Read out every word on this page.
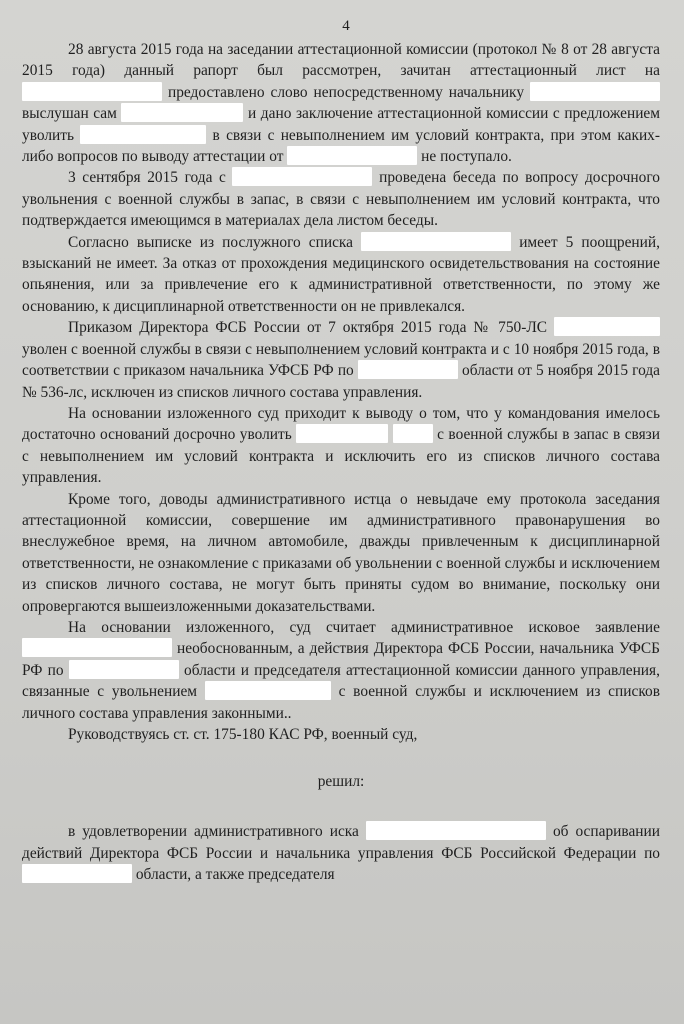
4

28 августа 2015 года на заседании аттестационной комиссии (протокол № 8 от 28 августа 2015 года) данный рапорт был рассмотрен, зачитан аттестационный лист на  предоставлено слово непосредственному начальнику  выслушан сам	и дано заключение аттестационной комиссии с предложением уволить	в связи с невыполнением им условий контракта, при этом каких-либо вопросов по выводу аттестации от	не поступало.

3 сентября 2015 года с	проведена беседа по вопросу досрочного увольнения с военной службы в запас, в связи с невыполнением им условий контракта, что подтверждается имеющимся в материалах дела листом беседы.

Согласно выписке из послужного списка	имеет 5 поощрений, взысканий не имеет. За отказ от прохождения медицинского освидетельствования на состояние опьянения, или за привлечение его к административной ответственности, по этому же основанию, к дисциплинарной ответственности он не привлекался.

Приказом Директора ФСБ России от 7 октября 2015 года № 750-ЛС  уволен с военной службы в связи с невыполнением условий контракта и с 10 ноября 2015 года, в соответствии с приказом начальника УФСБ РФ по	области от 5 ноября 2015 года № 536-лс, исключен из списков личного состава управления.

На основании изложенного суд приходит к выводу о том, что у командования имелось достаточно оснований досрочно уволить	с военной службы в запас в связи с невыполнением им условий контракта и исключить его из списков личного состава управления.

Кроме того, доводы административного истца о невыдаче ему протокола заседания аттестационной комиссии, совершение им административного правонарушения во внеслужебное время, на личном автомобиле, дважды привлеченным к дисциплинарной ответственности, не ознакомление с приказами об увольнении с военной службы и исключением из списков личного состава, не могут быть приняты судом во внимание, поскольку они опровергаются вышеизложенными доказательствами.

На основании изложенного, суд считает административное исковое заявление  необоснованным, а действия Директора ФСБ России, начальника УФСБ РФ по	области и председателя аттестационной комиссии данного управления, связанные с увольнением	с военной службы и исключением из списков личного состава управления законными..

Руководствуясь ст. ст. 175-180 КАС РФ, военный суд,

решил:

в удовлетворении административного иска	об оспаривании действий Директора ФСБ России и начальника управления ФСБ Российской Федерации по  области, а также председателя
